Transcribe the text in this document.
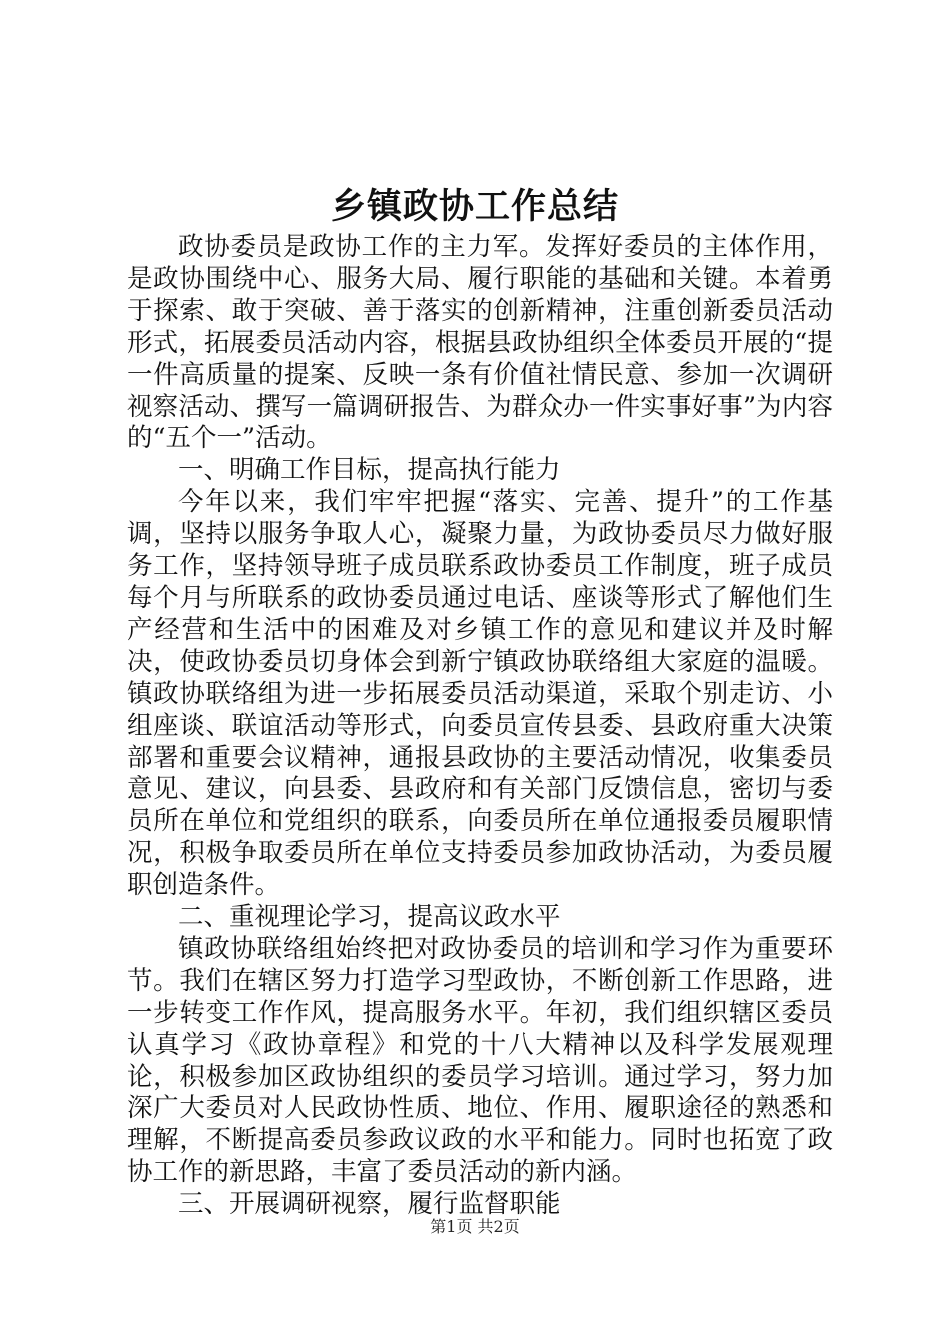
乡镇政协工作总结

政协委员是政协工作的主力军。发挥好委员的主体作用，是政协围绕中心、服务大局、履行职能的基础和关键。本着勇于探索、敢于突破、善于落实的创新精神，注重创新委员活动形式，拓展委员活动内容，根据县政协组织全体委员开展的“提一件高质量的提案、反映一条有价值社情民意、参加一次调研视察活动、撰写一篇调研报告、为群众办一件实事好事”为内容的“五个一”活动。

一、明确工作目标，提高执行能力

今年以来，我们牢牢把握“落实、完善、提升”的工作基调，坚持以服务争取人心，凝聚力量，为政协委员尽力做好服务工作，坚持领导班子成员联系政协委员工作制度，班子成员每个月与所联系的政协委员通过电话、座谈等形式了解他们生产经营和生活中的困难及对乡镇工作的意见和建议并及时解决，使政协委员切身体会到新宁镇政协联络组大家庭的温暖。镇政协联络组为进一步拓展委员活动渠道，采取个别走访、小组座谈、联谊活动等形式，向委员宣传县委、县政府重大决策部署和重要会议精神，通报县政协的主要活动情况，收集委员意见、建议，向县委、县政府和有关部门反馈信息，密切与委员所在单位和党组织的联系，向委员所在单位通报委员履职情况，积极争取委员所在单位支持委员参加政协活动，为委员履职创造条件。

二、重视理论学习，提高议政水平

镇政协联络组始终把对政协委员的培训和学习作为重要环节。我们在辖区努力打造学习型政协，不断创新工作思路，进一步转变工作作风，提高服务水平。年初，我们组织辖区委员认真学习《政协章程》和党的十八大精神以及科学发展观理论，积极参加区政协组织的委员学习培训。通过学习，努力加深广大委员对人民政协性质、地位、作用、履职途径的熟悉和理解，不断提高委员参政议政的水平和能力。同时也拓宽了政协工作的新思路，丰富了委员活动的新内涵。

三、开展调研视察，履行监督职能

第1页 共2页
